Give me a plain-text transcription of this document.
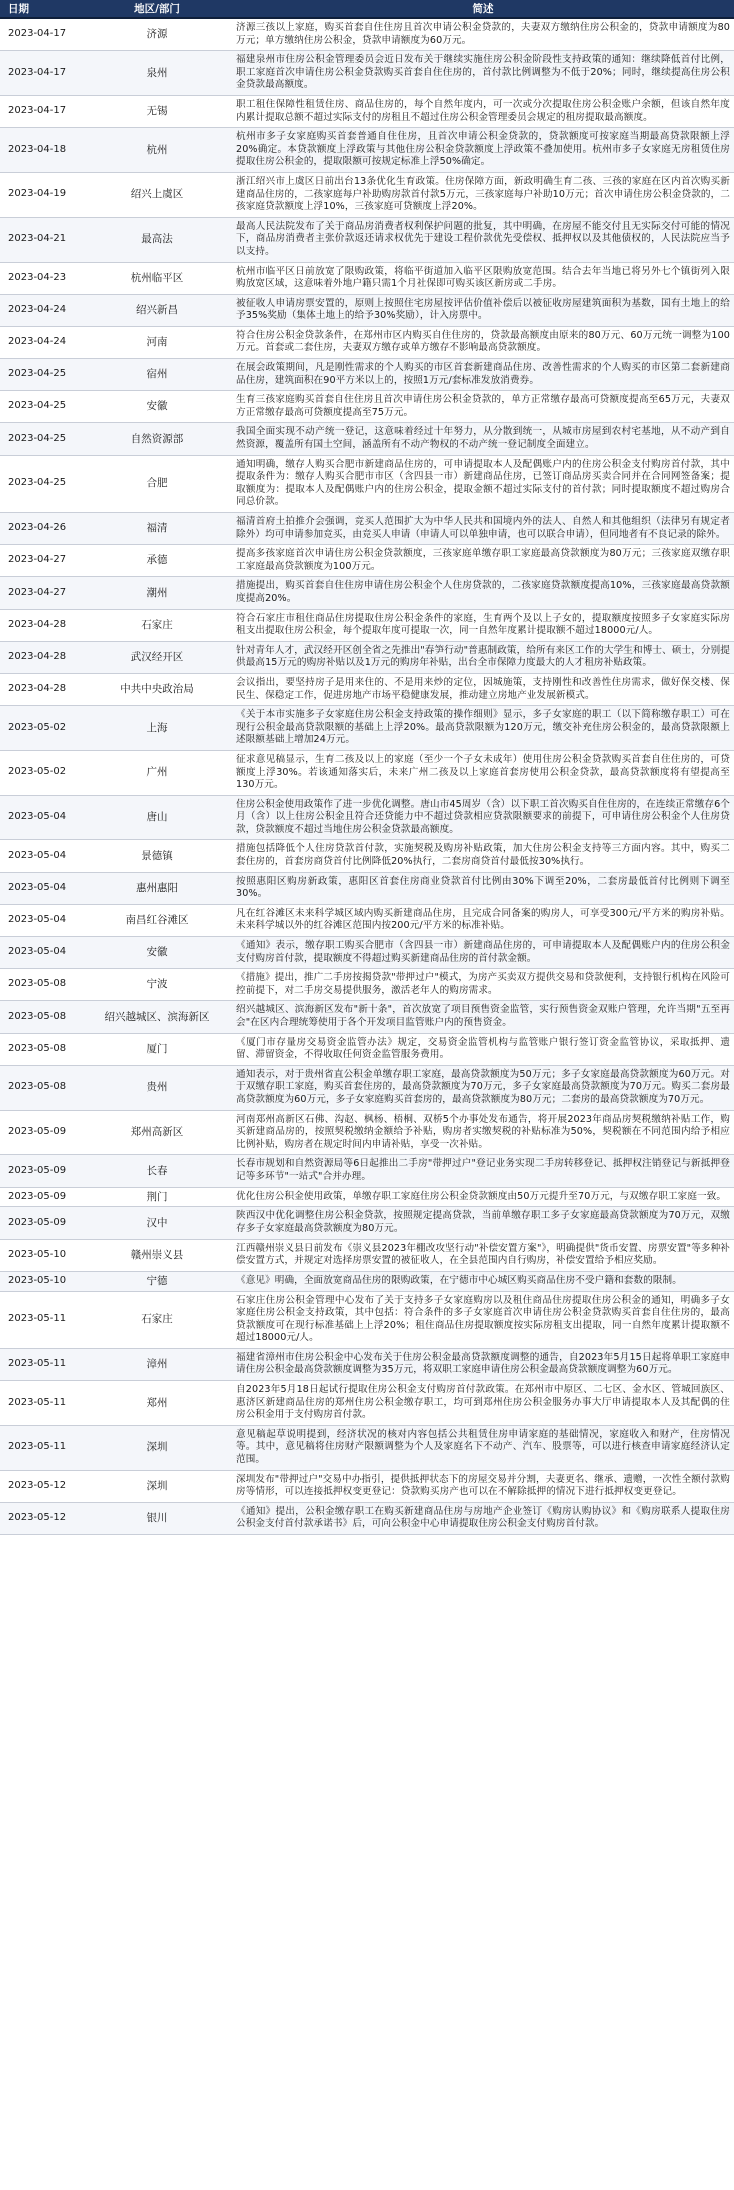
日期	地区/部门	简述
2023-04-17	济源	济源三孩以上家庭，购买首套自住住房且首次申请公积金贷款的，夫妻双方缴纳住房公积金的，贷款申请额度为80万元；单方缴纳住房公积金，贷款申请额度为60万元。
2023-04-17	泉州	福建泉州市住房公积金管理委员会近日发布关于继续实施住房公积金阶段性支持政策的通知：继续降低首付比例，职工家庭首次申请住房公积金贷款购买首套自住住房的，首付款比例调整为不低于20%；同时，继续提高住房公积金贷款最高额度。
2023-04-17	无锡	职工租住保障性租赁住房、商品住房的，每个自然年度内，可一次或分次提取住房公积金账户余额，但该自然年度内累计提取总额不超过实际支付的房租且不超过住房公积金管理委员会规定的租房提取最高额度。
2023-04-18	杭州	杭州市多子女家庭购买首套普通自住住房，且首次申请公积金贷款的，贷款额度可按家庭当期最高贷款限额上浮20%确定。本贷款额度上浮政策与其他住房公积金贷款额度上浮政策不叠加使用。杭州市多子女家庭无房租赁住房提取住房公积金的，提取限额可按规定标准上浮50%确定。
2023-04-19	绍兴上虞区	浙江绍兴市上虞区日前出台13条优化生育政策。住房保障方面，新政明确生育二孩、三孩的家庭在区内首次购买新建商品住房的，二孩家庭每户补助购房款首付款5万元，三孩家庭每户补助10万元；首次申请住房公积金贷款的，二孩家庭贷款额度上浮10%，三孩家庭可贷额度上浮20%。
2023-04-21	最高法	最高人民法院发布了关于商品房消费者权利保护问题的批复，其中明确，在房屋不能交付且无实际交付可能的情况下，商品房消费者主张价款返还请求权优先于建设工程价款优先受偿权、抵押权以及其他债权的，人民法院应当予以支持。
2023-04-23	杭州临平区	杭州市临平区日前放宽了限购政策，将临平街道加入临平区限购放宽范围。结合去年当地已将另外七个镇街列入限购放宽区域，这意味着外地户籍只需1个月社保即可购买该区新房或二手房。
2023-04-24	绍兴新昌	被征收人申请房票安置的，原则上按照住宅房屋按评估价值补偿后以被征收房屋建筑面积为基数，国有土地上的给予35%奖励（集体土地上的给予30%奖励），计入房票中。
2023-04-24	河南	符合住房公积金贷款条件，在郑州市区内购买自住住房的，贷款最高额度由原来的80万元、60万元统一调整为100万元。首套或二套住房，夫妻双方缴存或单方缴存不影响最高贷款额度。
2023-04-25	宿州	在展会政策期间，凡是刚性需求的个人购买的市区首套新建商品住房、改善性需求的个人购买的市区第二套新建商品住房，建筑面积在90平方米以上的，按照1万元/套标准发放消费券。
2023-04-25	安徽	生育三孩家庭购买首套自住住房且首次申请住房公积金贷款的，单方正常缴存最高可贷额度提高至65万元，夫妻双方正常缴存最高可贷额度提高至75万元。
2023-04-25	自然资源部	我国全面实现不动产统一登记，这意味着经过十年努力，从分散到统一，从城市房屋到农村宅基地，从不动产到自然资源，覆盖所有国土空间，涵盖所有不动产物权的不动产统一登记制度全面建立。
2023-04-25	合肥	通知明确，缴存人购买合肥市新建商品住房的，可申请提取本人及配偶账户内的住房公积金支付购房首付款，其中提取条件为：缴存人购买合肥市市区（含四县一市）新建商品住房，已签订商品房买卖合同并在合同网签备案；提取额度为：提取本人及配偶账户内的住房公积金，提取金额不超过实际支付的首付款；同时提取额度不超过购房合同总价款。
2023-04-26	福清	福清首府土拍推介会强调，竞买人范围扩大为中华人民共和国境内外的法人、自然人和其他组织（法律另有规定者除外）均可申请参加竞买，由竞买人申请（申请人可以单独申请，也可以联合申请），但同地者有不良记录的除外。
2023-04-27	承德	提高多孩家庭首次申请住房公积金贷款额度，三孩家庭单缴存职工家庭最高贷款额度为80万元；三孩家庭双缴存职工家庭最高贷款额度为100万元。
2023-04-27	潮州	措施提出，购买首套自住住房申请住房公积金个人住房贷款的，二孩家庭贷款额度提高10%，三孩家庭最高贷款额度提高20%。
2023-04-28	石家庄	符合石家庄市租住商品住房提取住房公积金条件的家庭，生育两个及以上子女的，提取额度按照多子女家庭实际房租支出提取住房公积金，每个提取年度可提取一次，同一自然年度累计提取额不超过18000元/人。
2023-04-28	武汉经开区	针对青年人才，武汉经开区创全省之先推出"春笋行动"普惠制政策，给所有来区工作的大学生和博士、硕士，分别提供最高15万元的购房补贴以及1万元的购房年补贴，出台全市保障力度最大的人才租房补贴政策。
2023-04-28	中共中央政治局	会议指出，要坚持房子是用来住的、不是用来炒的定位，因城施策，支持刚性和改善性住房需求，做好保交楼、保民生、保稳定工作，促进房地产市场平稳健康发展，推动建立房地产业发展新模式。
2023-05-02	上海	《关于本市实施多子女家庭住房公积金支持政策的操作细则》显示，多子女家庭的职工（以下简称缴存职工）可在现行公积金最高贷款限额的基础上上浮20%。最高贷款限额为120万元，缴交补充住房公积金的，最高贷款限额上述限额基础上增加24万元。
2023-05-02	广州	征求意见稿显示，生育二孩及以上的家庭（至少一个子女未成年）使用住房公积金贷款购买首套自住住房的，可贷额度上浮30%。若该通知落实后，未来广州二孩及以上家庭首套房使用公积金贷款，最高贷款额度将有望提高至130万元。
2023-05-04	唐山	住房公积金使用政策作了进一步优化调整。唐山市45周岁（含）以下职工首次购买自住住房的，在连续正常缴存6个月（含）以上住房公积金且符合还贷能力中不超过贷款相应贷款限额要求的前提下，可申请住房公积金个人住房贷款，贷款额度不超过当地住房公积金贷款最高额度。
2023-05-04	景德镇	措施包括降低个人住房贷款首付款，实施契税及购房补贴政策，加大住房公积金支持等三方面内容。其中，购买二套住房的，首套房商贷首付比例降低20%执行，二套房商贷首付最低按30%执行。
2023-05-04	惠州惠阳	按照惠阳区购房新政策，惠阳区首套住房商业贷款首付比例由30%下调至20%，二套房最低首付比例则下调至30%。
2023-05-04	南昌红谷滩区	凡在红谷滩区未来科学城区域内购买新建商品住房，且完成合同备案的购房人，可享受300元/平方米的购房补贴。未来科学城以外的红谷滩区范围内按200元/平方米的标准补贴。
2023-05-04	安徽	《通知》表示，缴存职工购买合肥市（含四县一市）新建商品住房的，可申请提取本人及配偶账户内的住房公积金支付购房首付款，提取额度不得超过购买新建商品住房的首付款金额。
2023-05-08	宁波	《措施》提出，推广二手房按揭贷款"带押过户"模式，为房产买卖双方提供交易和贷款便利，支持银行机构在风险可控前提下，对二手房交易提供服务，激活老年人的购房需求。
2023-05-08	绍兴越城区、滨海新区	绍兴越城区、滨海新区发布"新十条"，首次放宽了项目预售资金监管，实行预售资金双账户管理，允许当期"五至再会"在区内合理统筹使用于各个开发项目监管账户内的预售资金。
2023-05-08	厦门	《厦门市存量房交易资金监管办法》规定，交易资金监管机构与监管账户银行签订资金监管协议，采取抵押、遗留、滞留资金，不得收取任何资金监管服务费用。
2023-05-08	贵州	通知表示，对于贵州省直公积金单缴存职工家庭，最高贷款额度为50万元；多子女家庭最高贷款额度为60万元。对于双缴存职工家庭，购买首套住房的，最高贷款额度为70万元，多子女家庭最高贷款额度为70万元。购买二套房最高贷款额度为60万元，多子女家庭购买首套房的，最高贷款额度为80万元；二套房的最高贷款额度为70万元。
2023-05-09	郑州高新区	河南郑州高新区石佛、沟赵、枫杨、梧桐、双桥5个办事处发布通告，将开展2023年商品房契税缴纳补贴工作，购买新建商品房的，按照契税缴纳金额给予补贴，购房者实缴契税的补贴标准为50%，契税额在不同范围内给予相应比例补贴，购房者在规定时间内申请补贴，享受一次补贴。
2023-05-09	长春	长春市规划和自然资源局等6日起推出二手房"带押过户"登记业务实现二手房转移登记、抵押权注销登记与新抵押登记等多环节"一站式"合并办理。
2023-05-09	荆门	优化住房公积金使用政策，单缴存职工家庭住房公积金贷款额度由50万元提升至70万元，与双缴存职工家庭一致。
2023-05-09	汉中	陕西汉中优化调整住房公积金贷款，按照规定提高贷款，当前单缴存职工多子女家庭最高贷款额度为70万元，双缴存多子女家庭最高贷款额度为80万元。
2023-05-10	赣州崇义县	江西赣州崇义县日前发布《崇义县2023年棚改攻坚行动"补偿安置方案"》，明确提供"货币安置、房票安置"等多种补偿安置方式，并规定对选择房票安置的被征收人，在全县范围内自行购房，补偿安置给予相应奖励。
2023-05-10	宁德	《意见》明确，全面放宽商品住房的限购政策，在宁德市中心城区购买商品住房不受户籍和套数的限制。
2023-05-11	石家庄	石家庄住房公积金管理中心发布了关于支持多子女家庭购房以及租住商品住房提取住房公积金的通知，明确多子女家庭住房公积金支持政策，其中包括：符合条件的多子女家庭首次申请住房公积金贷款购买首套自住住房的，最高贷款额度可在现行标准基础上上浮20%；租住商品住房提取额度按实际房租支出提取，同一自然年度累计提取额不超过18000元/人。
2023-05-11	漳州	福建省漳州市住房公积金中心发布关于住房公积金最高贷款额度调整的通告，自2023年5月15日起将单职工家庭申请住房公积金最高贷款额度调整为35万元，将双职工家庭申请住房公积金最高贷款额度调整为60万元。
2023-05-11	郑州	自2023年5月18日起试行提取住房公积金支付购房首付款政策。在郑州市中原区、二七区、金水区、管城回族区、惠济区新建商品住房的郑州住房公积金缴存职工，均可到郑州住房公积金服务办事大厅申请提取本人及其配偶的住房公积金用于支付购房首付款。
2023-05-11	深圳	意见稿起草说明提到，经济状况的核对内容包括公共租赁住房申请家庭的基础情况，家庭收入和财产，住房情况等。其中，意见稿将住房财产限额调整为个人及家庭名下不动产、汽车、股票等，可以进行核查申请家庭经济认定范围。
2023-05-12	深圳	深圳发布"带押过户"交易中办指引，提供抵押状态下的房屋交易并分割，夫妻更名、继承、遗赠，一次性全额付款购房等情形，可以连接抵押权变更登记：贷款购买房产也可以在不解除抵押的情况下进行抵押权变更登记。
2023-05-12	银川	《通知》提出，公积金缴存职工在购买新建商品住房与房地产企业签订《购房认购协议》和《购房联系人提取住房公积金支付首付款承诺书》后，可向公积金中心申请提取住房公积金支付购房首付款。
